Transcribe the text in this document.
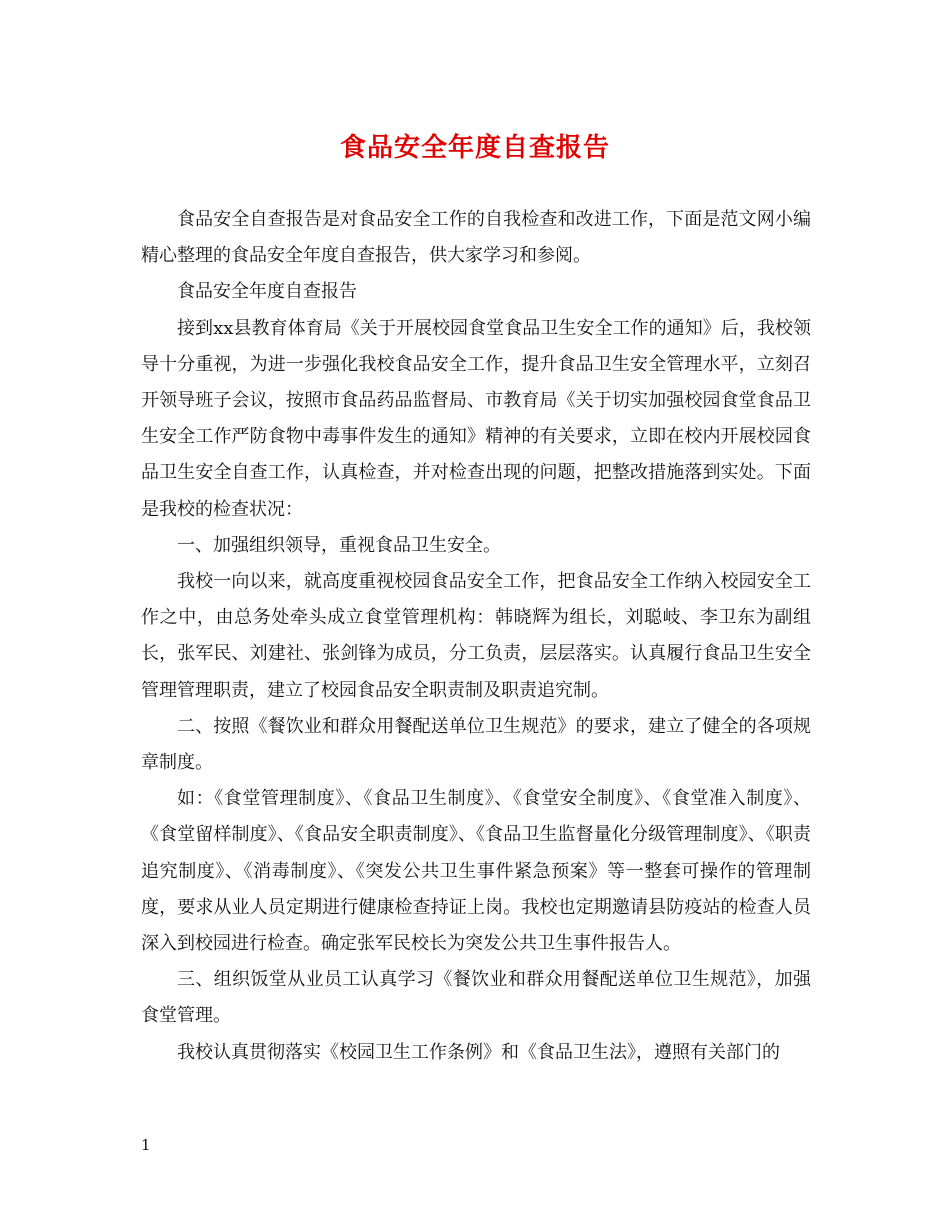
食品安全年度自查报告

食品安全自查报告是对食品安全工作的自我检查和改进工作，下面是范文网小编精心整理的食品安全年度自查报告，供大家学习和参阅。

食品安全年度自查报告

接到xx县教育体育局《关于开展校园食堂食品卫生安全工作的通知》后，我校领导十分重视，为进一步强化我校食品安全工作，提升食品卫生安全管理水平，立刻召开领导班子会议，按照市食品药品监督局、市教育局《关于切实加强校园食堂食品卫生安全工作严防食物中毒事件发生的通知》精神的有关要求，立即在校内开展校园食品卫生安全自查工作，认真检查，并对检查出现的问题，把整改措施落到实处。下面是我校的检查状况：

一、加强组织领导，重视食品卫生安全。

我校一向以来，就高度重视校园食品安全工作，把食品安全工作纳入校园安全工作之中，由总务处牵头成立食堂管理机构：韩晓辉为组长，刘聪岐、李卫东为副组长，张军民、刘建社、张剑锋为成员，分工负责，层层落实。认真履行食品卫生安全管理管理职责，建立了校园食品安全职责制及职责追究制。

二、按照《餐饮业和群众用餐配送单位卫生规范》的要求，建立了健全的各项规章制度。

如：《食堂管理制度》、《食品卫生制度》、《食堂安全制度》、《食堂准入制度》、《食堂留样制度》、《食品安全职责制度》、《食品卫生监督量化分级管理制度》、《职责追究制度》、《消毒制度》、《突发公共卫生事件紧急预案》等一整套可操作的管理制度，要求从业人员定期进行健康检查持证上岗。我校也定期邀请县防疫站的检查人员深入到校园进行检查。确定张军民校长为突发公共卫生事件报告人。

三、组织饭堂从业员工认真学习《餐饮业和群众用餐配送单位卫生规范》，加强食堂管理。

我校认真贯彻落实《校园卫生工作条例》和《食品卫生法》，遵照有关部门的

1
